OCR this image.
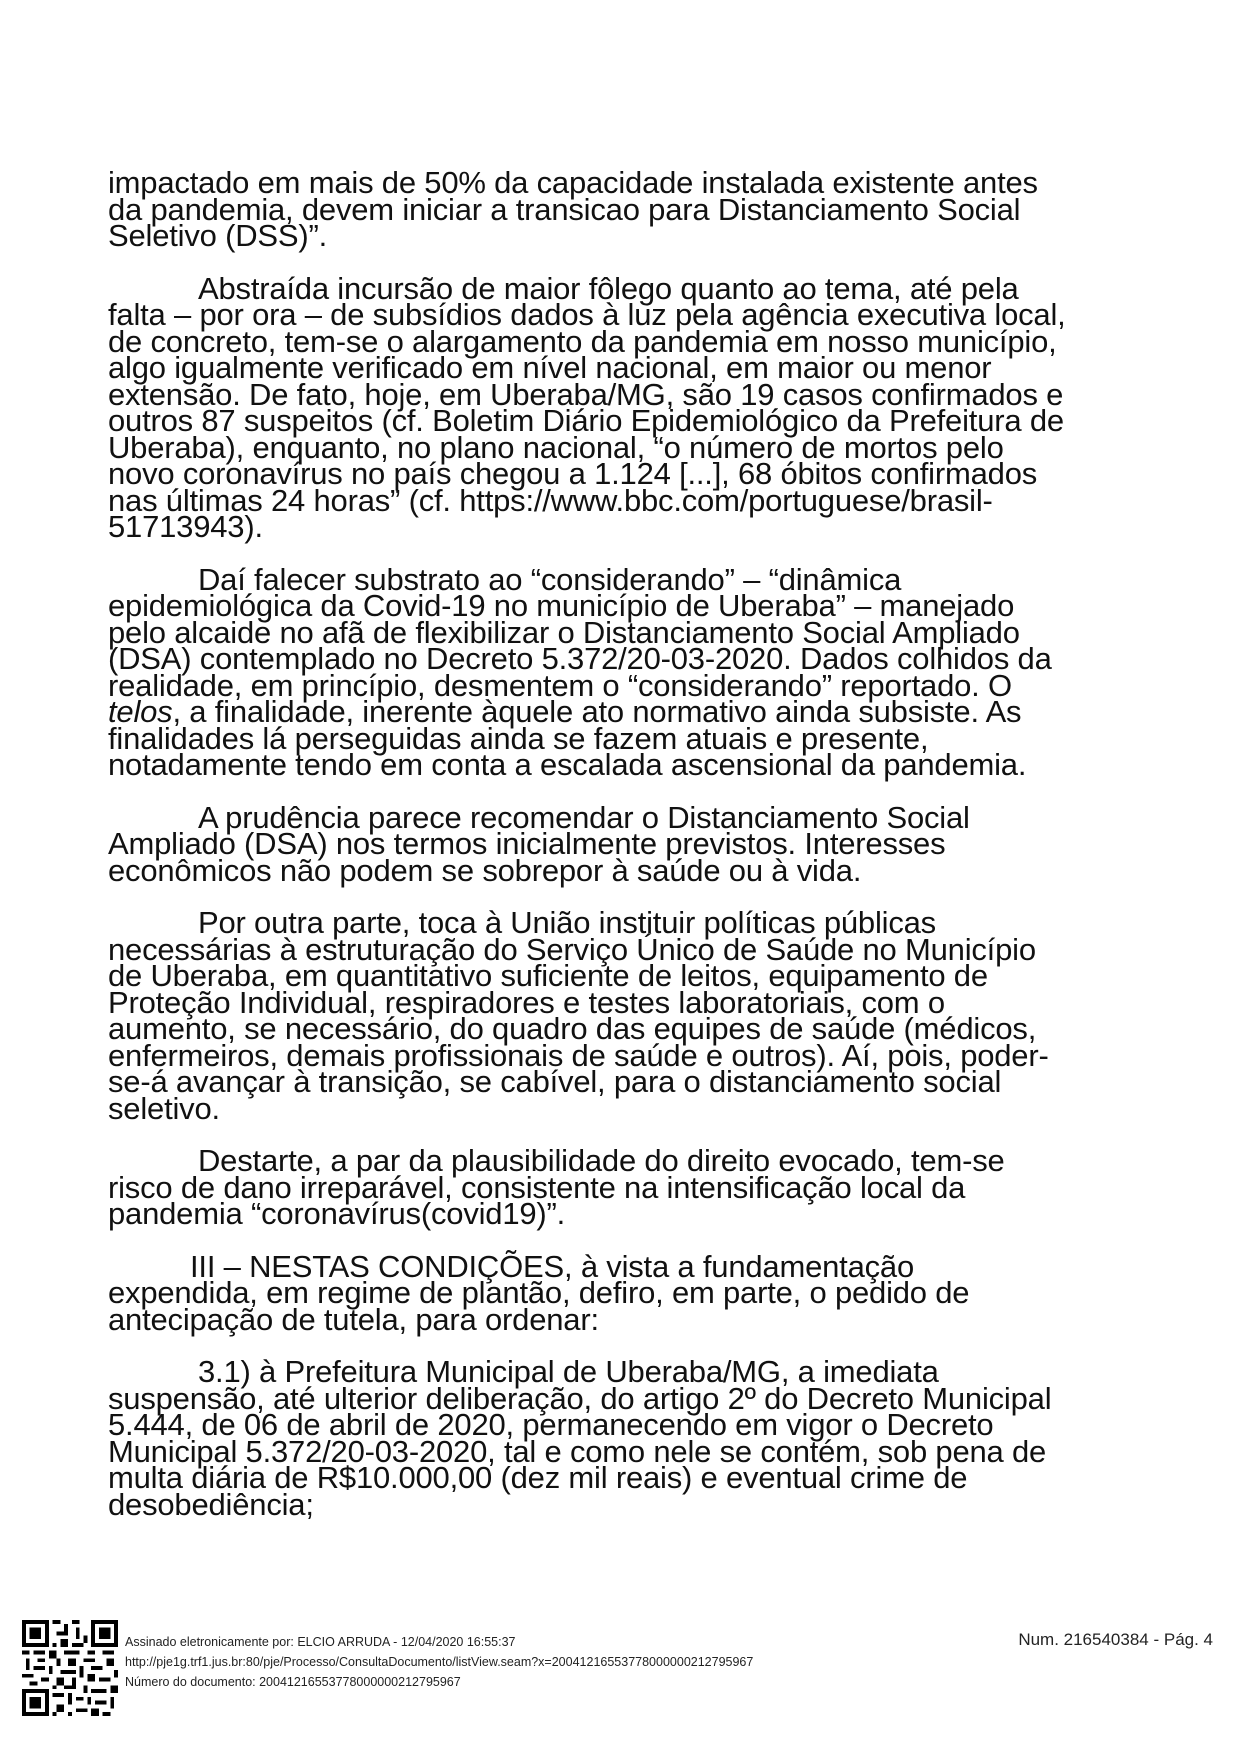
impactado em mais de 50% da capacidade instalada existente antes da pandemia, devem iniciar a transicao para Distanciamento Social Seletivo (DSS)”.

Abstraída incursão de maior fôlego quanto ao tema, até pela falta – por ora – de subsídios dados à luz pela agência executiva local, de concreto, tem-se o alargamento da pandemia em nosso município, algo igualmente verificado em nível nacional, em maior ou menor extensão. De fato, hoje, em Uberaba/MG, são 19 casos confirmados e outros 87 suspeitos (cf. Boletim Diário Epidemiológico da Prefeitura de Uberaba), enquanto, no plano nacional, “o número de mortos pelo novo coronavírus no país chegou a 1.124 [...], 68 óbitos confirmados nas últimas 24 horas” (cf. https://www.bbc.com/portuguese/brasil-51713943).

Daí falecer substrato ao “considerando” – “dinâmica epidemiológica da Covid-19 no município de Uberaba” – manejado pelo alcaide no afã de flexibilizar o Distanciamento Social Ampliado (DSA) contemplado no Decreto 5.372/20-03-2020. Dados colhidos da realidade, em princípio, desmentem o “considerando” reportado. O telos, a finalidade, inerente àquele ato normativo ainda subsiste. As finalidades lá perseguidas ainda se fazem atuais e presente, notadamente tendo em conta a escalada ascensional da pandemia.

A prudência parece recomendar o Distanciamento Social Ampliado (DSA) nos termos inicialmente previstos. Interesses econômicos não podem se sobrepor à saúde ou à vida.

Por outra parte, toca à União instituir políticas públicas necessárias à estruturação do Serviço Único de Saúde no Município de Uberaba, em quantitativo suficiente de leitos, equipamento de Proteção Individual, respiradores e testes laboratoriais, com o aumento, se necessário, do quadro das equipes de saúde (médicos, enfermeiros, demais profissionais de saúde e outros). Aí, pois, poder-se-á avançar à transição, se cabível, para o distanciamento social seletivo.

Destarte, a par da plausibilidade do direito evocado, tem-se risco de dano irreparável, consistente na intensificação local da pandemia “coronavírus(covid19)”.

III – NESTAS CONDIÇÕES, à vista a fundamentação expendida, em regime de plantão, defiro, em parte, o pedido de antecipação de tutela, para ordenar:

3.1) à Prefeitura Municipal de Uberaba/MG, a imediata suspensão, até ulterior deliberação, do artigo 2º do Decreto Municipal 5.444, de 06 de abril de 2020, permanecendo em vigor o Decreto Municipal 5.372/20-03-2020, tal e como nele se contém, sob pena de multa diária de R$10.000,00 (dez mil reais) e eventual crime de desobediência;

Assinado eletronicamente por: ELCIO ARRUDA - 12/04/2020 16:55:37
http://pje1g.trf1.jus.br:80/pje/Processo/ConsultaDocumento/listView.seam?x=20041216553778000000212795967
Número do documento: 20041216553778000000212795967
Num. 216540384 - Pág. 4
